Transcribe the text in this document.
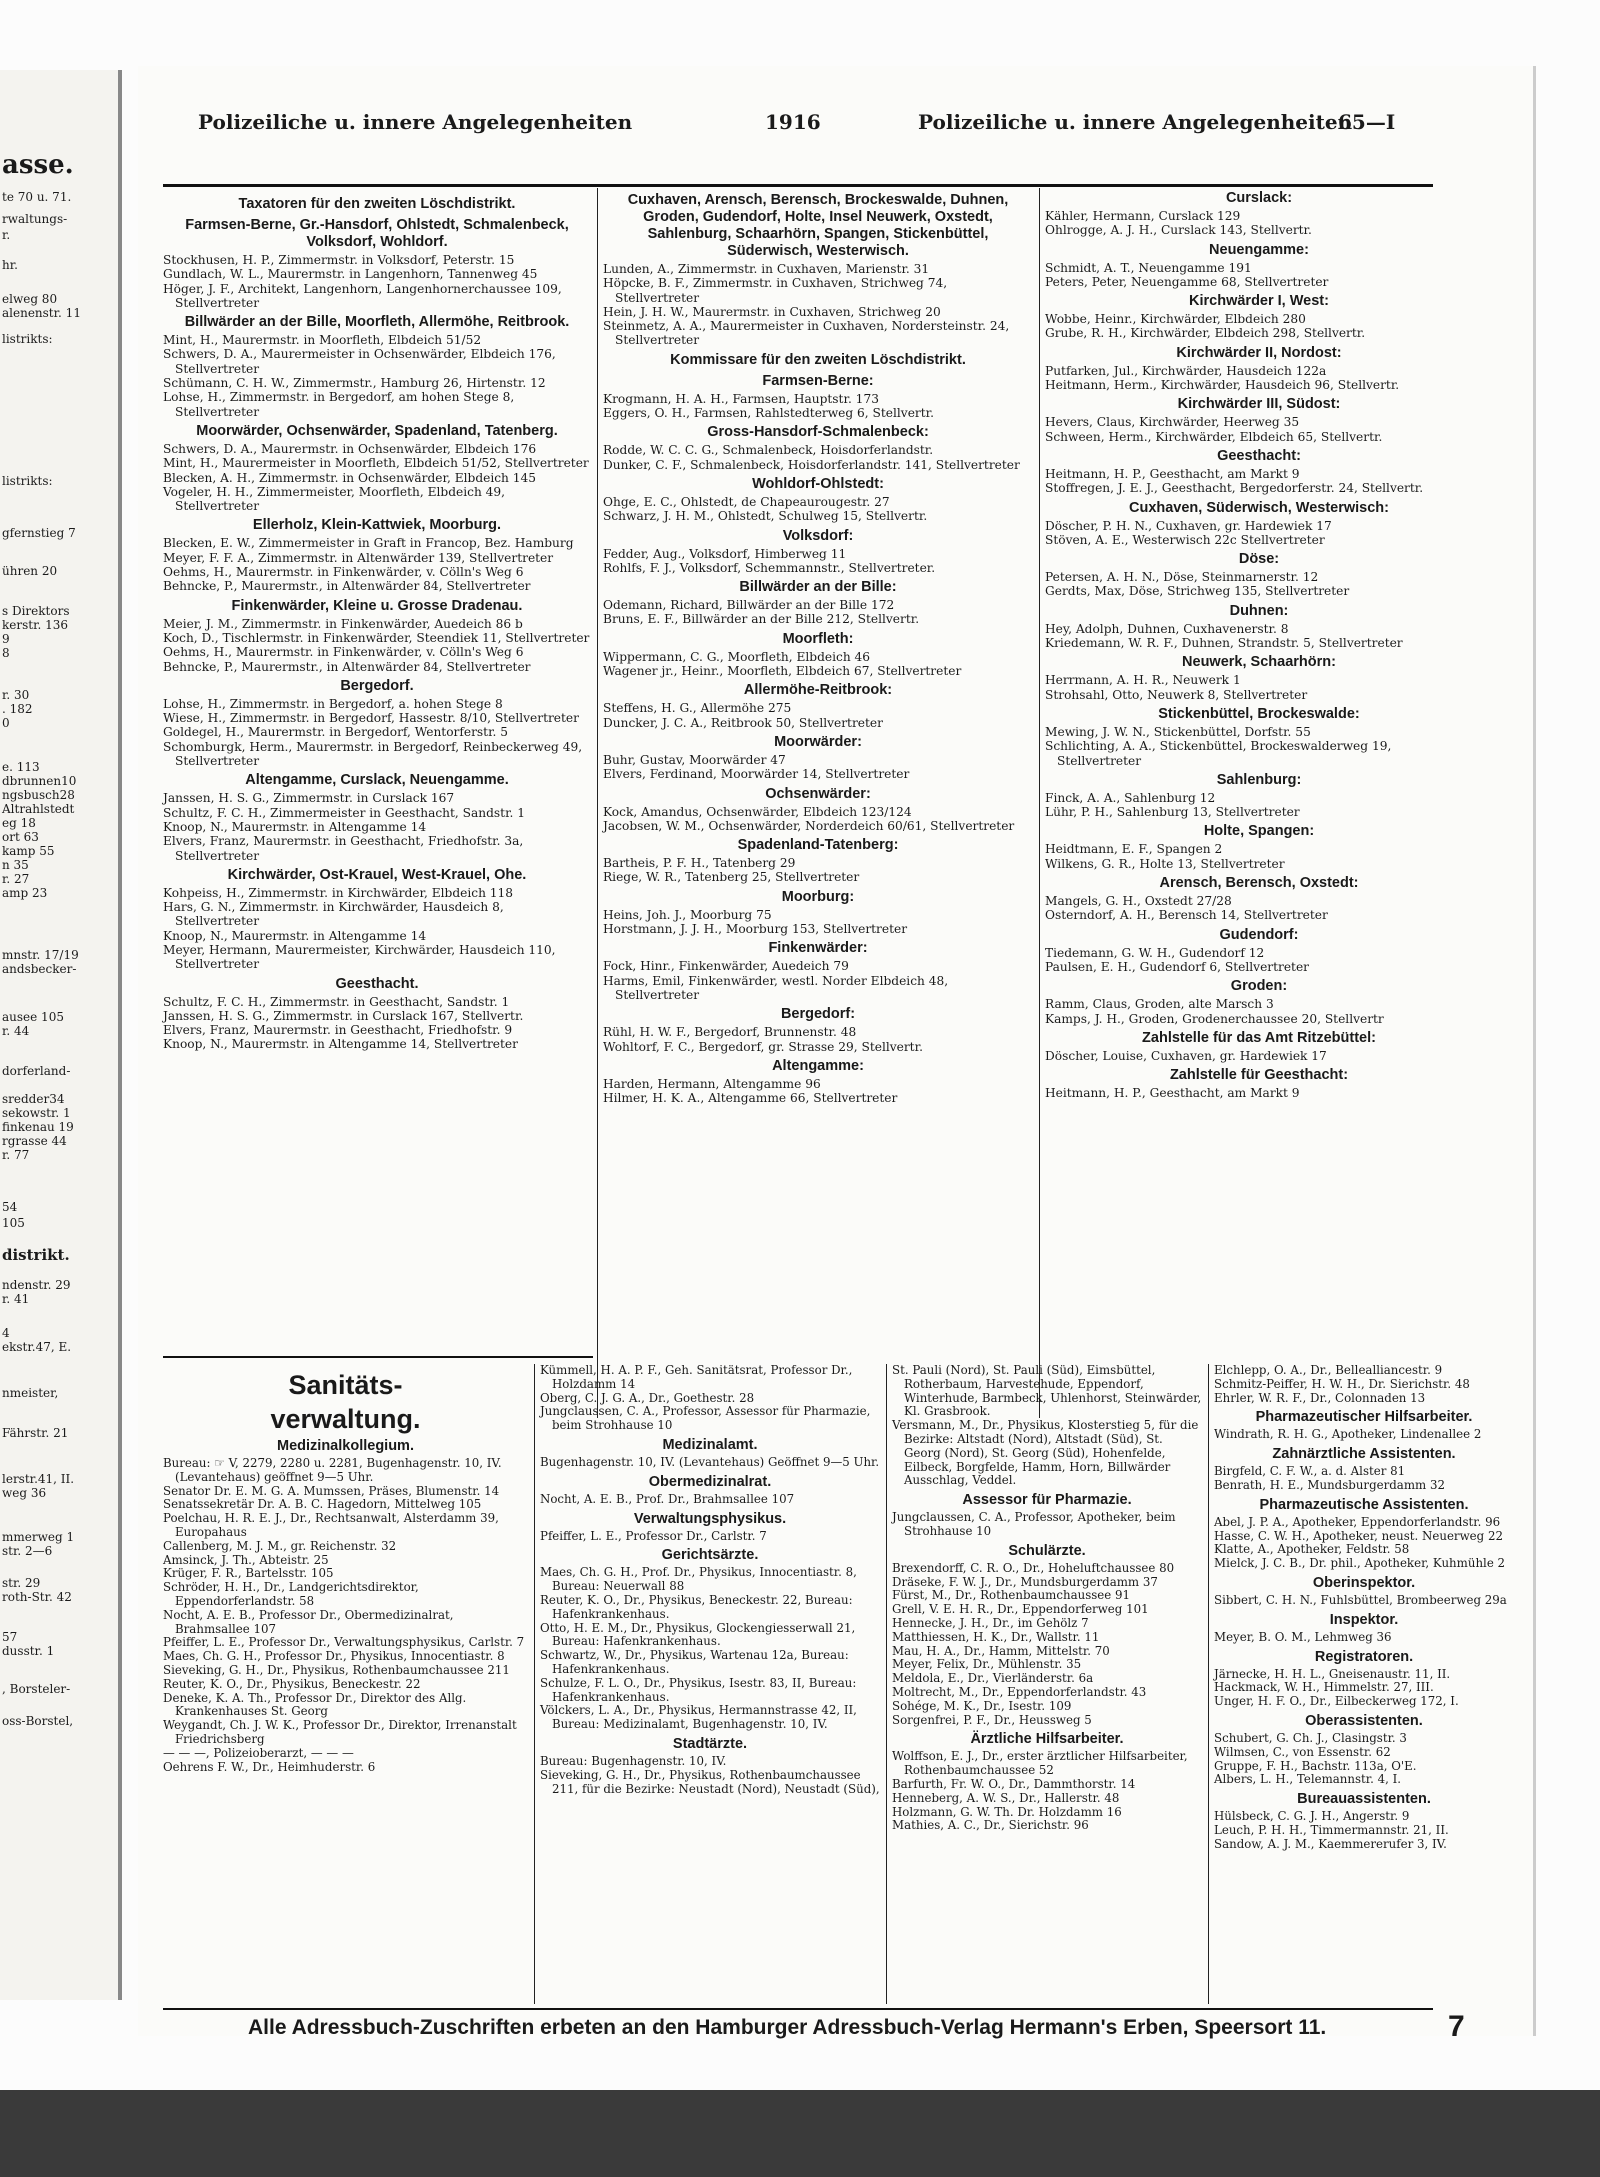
asse.
te 70 u. 71.
rwaltungs-
r.
hr.
elweg 80
alenenstr. 11
listrikts:
listrikts:
gfernstieg 7
ühren 20
s Direktors
kerstr. 136
9
8
r. 30
. 182
0
e. 113
dbrunnen10
ngsbusch28
Altrahlstedt
eg 18
ort 63
kamp 55
n 35
r. 27
amp 23
mnstr. 17/19
andsbecker-
ausee 105
r. 44
dorferland-
sredder34
sekowstr. 1
finkenau 19
rgrasse 44
r. 77
54
105
distrikt.
ndenstr. 29
r. 41
4
ekstr.47, E.
nmeister,
Fährstr. 21
lerstr.41, II.
weg 36
mmerweg 1
str. 2—6
str. 29
roth-Str. 42
57
dusstr. 1
, Borsteler-
oss-Borstel,
Polizeiliche u. innere Angelegenheiten	1916	Polizeiliche u. innere Angelegenheiten
65—I
Taxatoren für den zweiten Löschdistrikt.
Farmsen-Berne, Gr.-Hansdorf, Ohlstedt, Schmalenbeck, Volksdorf, Wohldorf.
Stockhusen, H. P., Zimmermstr. in Volksdorf, Peterstr. 15
Gundlach, W. L., Maurermstr. in Langenhorn, Tannenweg 45
Höger, J. F., Architekt, Langenhorn, Langenhornerchaussee 109, Stellvertreter
Billwärder an der Bille, Moorfleth, Allermöhe, Reitbrook.
Mint, H., Maurermstr. in Moorfleth, Elbdeich 51/52
Schwers, D. A., Maurermeister in Ochsenwärder, Elbdeich 176, Stellvertreter
Schümann, C. H. W., Zimmermstr., Hamburg 26, Hirtenstr. 12
Lohse, H., Zimmermstr. in Bergedorf, am hohen Stege 8, Stellvertreter
Moorwärder, Ochsenwärder, Spadenland, Tatenberg.
Schwers, D. A., Maurermstr. in Ochsenwärder, Elbdeich 176
Mint, H., Maurermeister in Moorfleth, Elbdeich 51/52, Stellvertreter
Blecken, A. H., Zimmermstr. in Ochsenwärder, Elbdeich 145
Vogeler, H. H., Zimmermeister, Moorfleth, Elbdeich 49, Stellvertreter
Ellerholz, Klein-Kattwiek, Moorburg.
Blecken, E. W., Zimmermeister in Graft in Francop, Bez. Hamburg
Meyer, F. F. A., Zimmermstr. in Altenwärder 139, Stellvertreter
Oehms, H., Maurermstr. in Finkenwärder, v. Cölln's Weg 6
Behncke, P., Maurermstr., in Altenwärder 84, Stellvertreter
Finkenwärder, Kleine u. Grosse Dradenau.
Meier, J. M., Zimmermstr. in Finkenwärder, Auedeich 86 b
Koch, D., Tischlermstr. in Finkenwärder, Steendiek 11, Stellvertreter
Oehms, H., Maurermstr. in Finkenwärder, v. Cölln's Weg 6
Behncke, P., Maurermstr., in Altenwärder 84, Stellvertreter
Bergedorf.
Lohse, H., Zimmermstr. in Bergedorf, a. hohen Stege 8
Wiese, H., Zimmermstr. in Bergedorf, Hassestr. 8/10, Stellvertreter
Goldegel, H., Maurermstr. in Bergedorf, Wentorferstr. 5
Schomburgk, Herm., Maurermstr. in Bergedorf, Reinbeckerweg 49, Stellvertreter
Altengamme, Curslack, Neuengamme.
Janssen, H. S. G., Zimmermstr. in Curslack 167
Schultz, F. C. H., Zimmermeister in Geesthacht, Sandstr. 1
Knoop, N., Maurermstr. in Altengamme 14
Elvers, Franz, Maurermstr. in Geesthacht, Friedhofstr. 3a, Stellvertreter
Kirchwärder, Ost-Krauel, West-Krauel, Ohe.
Kohpeiss, H., Zimmermstr. in Kirchwärder, Elbdeich 118
Hars, G. N., Zimmermstr. in Kirchwärder, Hausdeich 8, Stellvertreter
Knoop, N., Maurermstr. in Altengamme 14
Meyer, Hermann, Maurermeister, Kirchwärder, Hausdeich 110, Stellvertreter
Geesthacht.
Schultz, F. C. H., Zimmermstr. in Geesthacht, Sandstr. 1
Janssen, H. S. G., Zimmermstr. in Curslack 167, Stellvertr.
Elvers, Franz, Maurermstr. in Geesthacht, Friedhofstr. 9
Knoop, N., Maurermstr. in Altengamme 14, Stellvertreter
Cuxhaven, Arensch, Berensch, Brockeswalde, Duhnen, Groden, Gudendorf, Holte, Insel Neuwerk, Oxstedt, Sahlenburg, Schaarhörn, Spangen, Stickenbüttel, Süderwisch, Westerwisch.
Lunden, A., Zimmermstr. in Cuxhaven, Marienstr. 31
Höpcke, B. F., Zimmermstr. in Cuxhaven, Strichweg 74, Stellvertreter
Hein, J. H. W., Maurermstr. in Cuxhaven, Strichweg 20
Steinmetz, A. A., Maurermeister in Cuxhaven, Nordersteinstr. 24, Stellvertreter
Kommissare für den zweiten Löschdistrikt.
Farmsen-Berne:
Krogmann, H. A. H., Farmsen, Hauptstr. 173
Eggers, O. H., Farmsen, Rahlstedterweg 6, Stellvertr.
Gross-Hansdorf-Schmalenbeck:
Rodde, W. C. C. G., Schmalenbeck, Hoisdorferlandstr.
Dunker, C. F., Schmalenbeck, Hoisdorferlandstr. 141, Stellvertreter
Wohldorf-Ohlstedt:
Ohge, E. C., Ohlstedt, de Chapeaurougestr. 27
Schwarz, J. H. M., Ohlstedt, Schulweg 15, Stellvertr.
Volksdorf:
Fedder, Aug., Volksdorf, Himberweg 11
Rohlfs, F. J., Volksdorf, Schemmannstr., Stellvertreter.
Billwärder an der Bille:
Odemann, Richard, Billwärder an der Bille 172
Bruns, E. F., Billwärder an der Bille 212, Stellvertr.
Moorfleth:
Wippermann, C. G., Moorfleth, Elbdeich 46
Wagener jr., Heinr., Moorfleth, Elbdeich 67, Stellvertreter
Allermöhe-Reitbrook:
Steffens, H. G., Allermöhe 275
Duncker, J. C. A., Reitbrook 50, Stellvertreter
Moorwärder:
Buhr, Gustav, Moorwärder 47
Elvers, Ferdinand, Moorwärder 14, Stellvertreter
Ochsenwärder:
Kock, Amandus, Ochsenwärder, Elbdeich 123/124
Jacobsen, W. M., Ochsenwärder, Norderdeich 60/61, Stellvertreter
Spadenland-Tatenberg:
Bartheis, P. F. H., Tatenberg 29
Riege, W. R., Tatenberg 25, Stellvertreter
Moorburg:
Heins, Joh. J., Moorburg 75
Horstmann, J. J. H., Moorburg 153, Stellvertreter
Finkenwärder:
Fock, Hinr., Finkenwärder, Auedeich 79
Harms, Emil, Finkenwärder, westl. Norder Elbdeich 48, Stellvertreter
Bergedorf:
Rühl, H. W. F., Bergedorf, Brunnenstr. 48
Wohltorf, F. C., Bergedorf, gr. Strasse 29, Stellvertr.
Altengamme:
Harden, Hermann, Altengamme 96
Hilmer, H. K. A., Altengamme 66, Stellvertreter
Curslack:
Kähler, Hermann, Curslack 129
Ohlrogge, A. J. H., Curslack 143, Stellvertr.
Neuengamme:
Schmidt, A. T., Neuengamme 191
Peters, Peter, Neuengamme 68, Stellvertreter
Kirchwärder I, West:
Wobbe, Heinr., Kirchwärder, Elbdeich 280
Grube, R. H., Kirchwärder, Elbdeich 298, Stellvertr.
Kirchwärder II, Nordost:
Putfarken, Jul., Kirchwärder, Hausdeich 122a
Heitmann, Herm., Kirchwärder, Hausdeich 96, Stellvertr.
Kirchwärder III, Südost:
Hevers, Claus, Kirchwärder, Heerweg 35
Schween, Herm., Kirchwärder, Elbdeich 65, Stellvertr.
Geesthacht:
Heitmann, H. P., Geesthacht, am Markt 9
Stoffregen, J. E. J., Geesthacht, Bergedorferstr. 24, Stellvertr.
Cuxhaven, Süderwisch, Westerwisch:
Döscher, P. H. N., Cuxhaven, gr. Hardewiek 17
Stöven, A. E., Westerwisch 22c Stellvertreter
Döse:
Petersen, A. H. N., Döse, Steinmarnerstr. 12
Gerdts, Max, Döse, Strichweg 135, Stellvertreter
Duhnen:
Hey, Adolph, Duhnen, Cuxhavenerstr. 8
Kriedemann, W. R. F., Duhnen, Strandstr. 5, Stellvertreter
Neuwerk, Schaarhörn:
Herrmann, A. H. R., Neuwerk 1
Strohsahl, Otto, Neuwerk 8, Stellvertreter
Stickenbüttel, Brockeswalde:
Mewing, J. W. N., Stickenbüttel, Dorfstr. 55
Schlichting, A. A., Stickenbüttel, Brockeswalderweg 19, Stellvertreter
Sahlenburg:
Finck, A. A., Sahlenburg 12
Lühr, P. H., Sahlenburg 13, Stellvertreter
Holte, Spangen:
Heidtmann, E. F., Spangen 2
Wilkens, G. R., Holte 13, Stellvertreter
Arensch, Berensch, Oxstedt:
Mangels, G. H., Oxstedt 27/28
Osterndorf, A. H., Berensch 14, Stellvertreter
Gudendorf:
Tiedemann, G. W. H., Gudendorf 12
Paulsen, E. H., Gudendorf 6, Stellvertreter
Groden:
Ramm, Claus, Groden, alte Marsch 3
Kamps, J. H., Groden, Grodenerchaussee 20, Stellvertr
Zahlstelle für das Amt Ritzebüttel:
Döscher, Louise, Cuxhaven, gr. Hardewiek 17
Zahlstelle für Geesthacht:
Heitmann, H. P., Geesthacht, am Markt 9
Sanitäts-
verwaltung.
Medizinalkollegium.
Bureau: ☞ V, 2279, 2280 u. 2281, Bugenhagenstr. 10, IV. (Levantehaus) geöffnet 9—5 Uhr.
Senator Dr. E. M. G. A. Mumssen, Präses, Blumenstr. 14
Senatssekretär Dr. A. B. C. Hagedorn, Mittelweg 105
Poelchau, H. R. E. J., Dr., Rechtsanwalt, Alsterdamm 39, Europahaus
Callenberg, M. J. M., gr. Reichenstr. 32
Amsinck, J. Th., Abteistr. 25
Krüger, F. R., Bartelsstr. 105
Schröder, H. H., Dr., Landgerichtsdirektor, Eppendorferlandstr. 58
Nocht, A. E. B., Professor Dr., Obermedizinalrat, Brahmsallee 107
Pfeiffer, L. E., Professor Dr., Verwaltungsphysikus, Carlstr. 7
Maes, Ch. G. H., Professor Dr., Physikus, Innocentiastr. 8
Sieveking, G. H., Dr., Physikus, Rothenbaumchaussee 211
Reuter, K. O., Dr., Physikus, Beneckestr. 22
Deneke, K. A. Th., Professor Dr., Direktor des Allg. Krankenhauses St. Georg
Weygandt, Ch. J. W. K., Professor Dr., Direktor, Irrenanstalt Friedrichsberg
— — —, Polizeioberarzt, — — —
Oehrens F. W., Dr., Heimhuderstr. 6
Kümmell, H. A. P. F., Geh. Sanitätsrat, Professor Dr., Holzdamm 14
Oberg, C. J. G. A., Dr., Goethestr. 28
Jungclaussen, C. A., Professor, Assessor für Pharmazie, beim Strohhause 10
Medizinalamt.
Bugenhagenstr. 10, IV. (Levantehaus) Geöffnet 9—5 Uhr.
Obermedizinalrat.
Nocht, A. E. B., Prof. Dr., Brahmsallee 107
Verwaltungsphysikus.
Pfeiffer, L. E., Professor Dr., Carlstr. 7
Gerichtsärzte.
Maes, Ch. G. H., Prof. Dr., Physikus, Innocentiastr. 8, Bureau: Neuerwall 88
Reuter, K. O., Dr., Physikus, Beneckestr. 22, Bureau: Hafenkrankenhaus.
Otto, H. E. M., Dr., Physikus, Glockengiesserwall 21, Bureau: Hafenkrankenhaus.
Schwartz, W., Dr., Physikus, Wartenau 12a, Bureau: Hafenkrankenhaus.
Schulze, F. L. O., Dr., Physikus, Isestr. 83, II, Bureau: Hafenkrankenhaus.
Völckers, L. A., Dr., Physikus, Hermannstrasse 42, II, Bureau: Medizinalamt, Bugenhagenstr. 10, IV.
Stadtärzte.
Bureau: Bugenhagenstr. 10, IV.
Sieveking, G. H., Dr., Physikus, Rothenbaumchaussee 211, für die Bezirke: Neustadt (Nord), Neustadt (Süd),
St. Pauli (Nord), St. Pauli (Süd), Eimsbüttel, Rotherbaum, Harvestehude, Eppendorf, Winterhude, Barmbeck, Uhlenhorst, Steinwärder, Kl. Grasbrook.
Versmann, M., Dr., Physikus, Klosterstieg 5, für die Bezirke: Altstadt (Nord), Altstadt (Süd), St. Georg (Nord), St. Georg (Süd), Hohenfelde, Eilbeck, Borgfelde, Hamm, Horn, Billwärder Ausschlag, Veddel.
Assessor für Pharmazie.
Jungclaussen, C. A., Professor, Apotheker, beim Strohhause 10
Schulärzte.
Brexendorff, C. R. O., Dr., Hoheluftchaussee 80
Dräseke, F. W. J., Dr., Mundsburgerdamm 37
Fürst, M., Dr., Rothenbaumchaussee 91
Grell, V. E. H. R., Dr., Eppendorferweg 101
Hennecke, J. H., Dr., im Gehölz 7
Matthiessen, H. K., Dr., Wallstr. 11
Mau, H. A., Dr., Hamm, Mittelstr. 70
Meyer, Felix, Dr., Mühlenstr. 35
Meldola, E., Dr., Vierländerstr. 6a
Moltrecht, M., Dr., Eppendorferlandstr. 43
Sohége, M. K., Dr., Isestr. 109
Sorgenfrei, P. F., Dr., Heussweg 5
Ärztliche Hilfsarbeiter.
Wolffson, E. J., Dr., erster ärztlicher Hilfsarbeiter, Rothenbaumchaussee 52
Barfurth, Fr. W. O., Dr., Dammthorstr. 14
Henneberg, A. W. S., Dr., Hallerstr. 48
Holzmann, G. W. Th. Dr. Holzdamm 16
Mathies, A. C., Dr., Sierichstr. 96
Elchlepp, O. A., Dr., Belleallianсestr. 9
Schmitz-Peiffer, H. W. H., Dr. Sierichstr. 48
Ehrler, W. R. F., Dr., Colonnaden 13
Pharmazeutischer Hilfsarbeiter.
Windrath, R. H. G., Apotheker, Lindenallee 2
Zahnärztliche Assistenten.
Birgfeld, C. F. W., a. d. Alster 81
Benrath, H. E., Mundsburgerdamm 32
Pharmazeutische Assistenten.
Abel, J. P. A., Apotheker, Eppendorferlandstr. 96
Hasse, C. W. H., Apotheker, neust. Neuerweg 22
Klatte, A., Apotheker, Feldstr. 58
Mielck, J. C. B., Dr. phil., Apotheker, Kuhmühle 2
Oberinspektor.
Sibbert, C. H. N., Fuhlsbüttel, Brombeerweg 29a
Inspektor.
Meyer, B. O. M., Lehmweg 36
Registratoren.
Järnecke, H. H. L., Gneisenaustr. 11, II.
Hackmack, W. H., Himmelstr. 27, III.
Unger, H. F. O., Dr., Eilbeckerweg 172, I.
Oberassistenten.
Schubert, G. Ch. J., Clasingstr. 3
Wilmsen, C., von Essenstr. 62
Gruppe, F. H., Bachstr. 113a, O'E.
Albers, L. H., Telemannstr. 4, I.
Bureauassistenten.
Hülsbeck, C. G. J. H., Angerstr. 9
Leuch, P. H. H., Timmermannstr. 21, II.
Sandow, A. J. M., Kaemmererufer 3, IV.
Alle Adressbuch-Zuschriften erbeten an den Hamburger Adressbuch-Verlag Hermann's Erben, Speersort 11.	7
